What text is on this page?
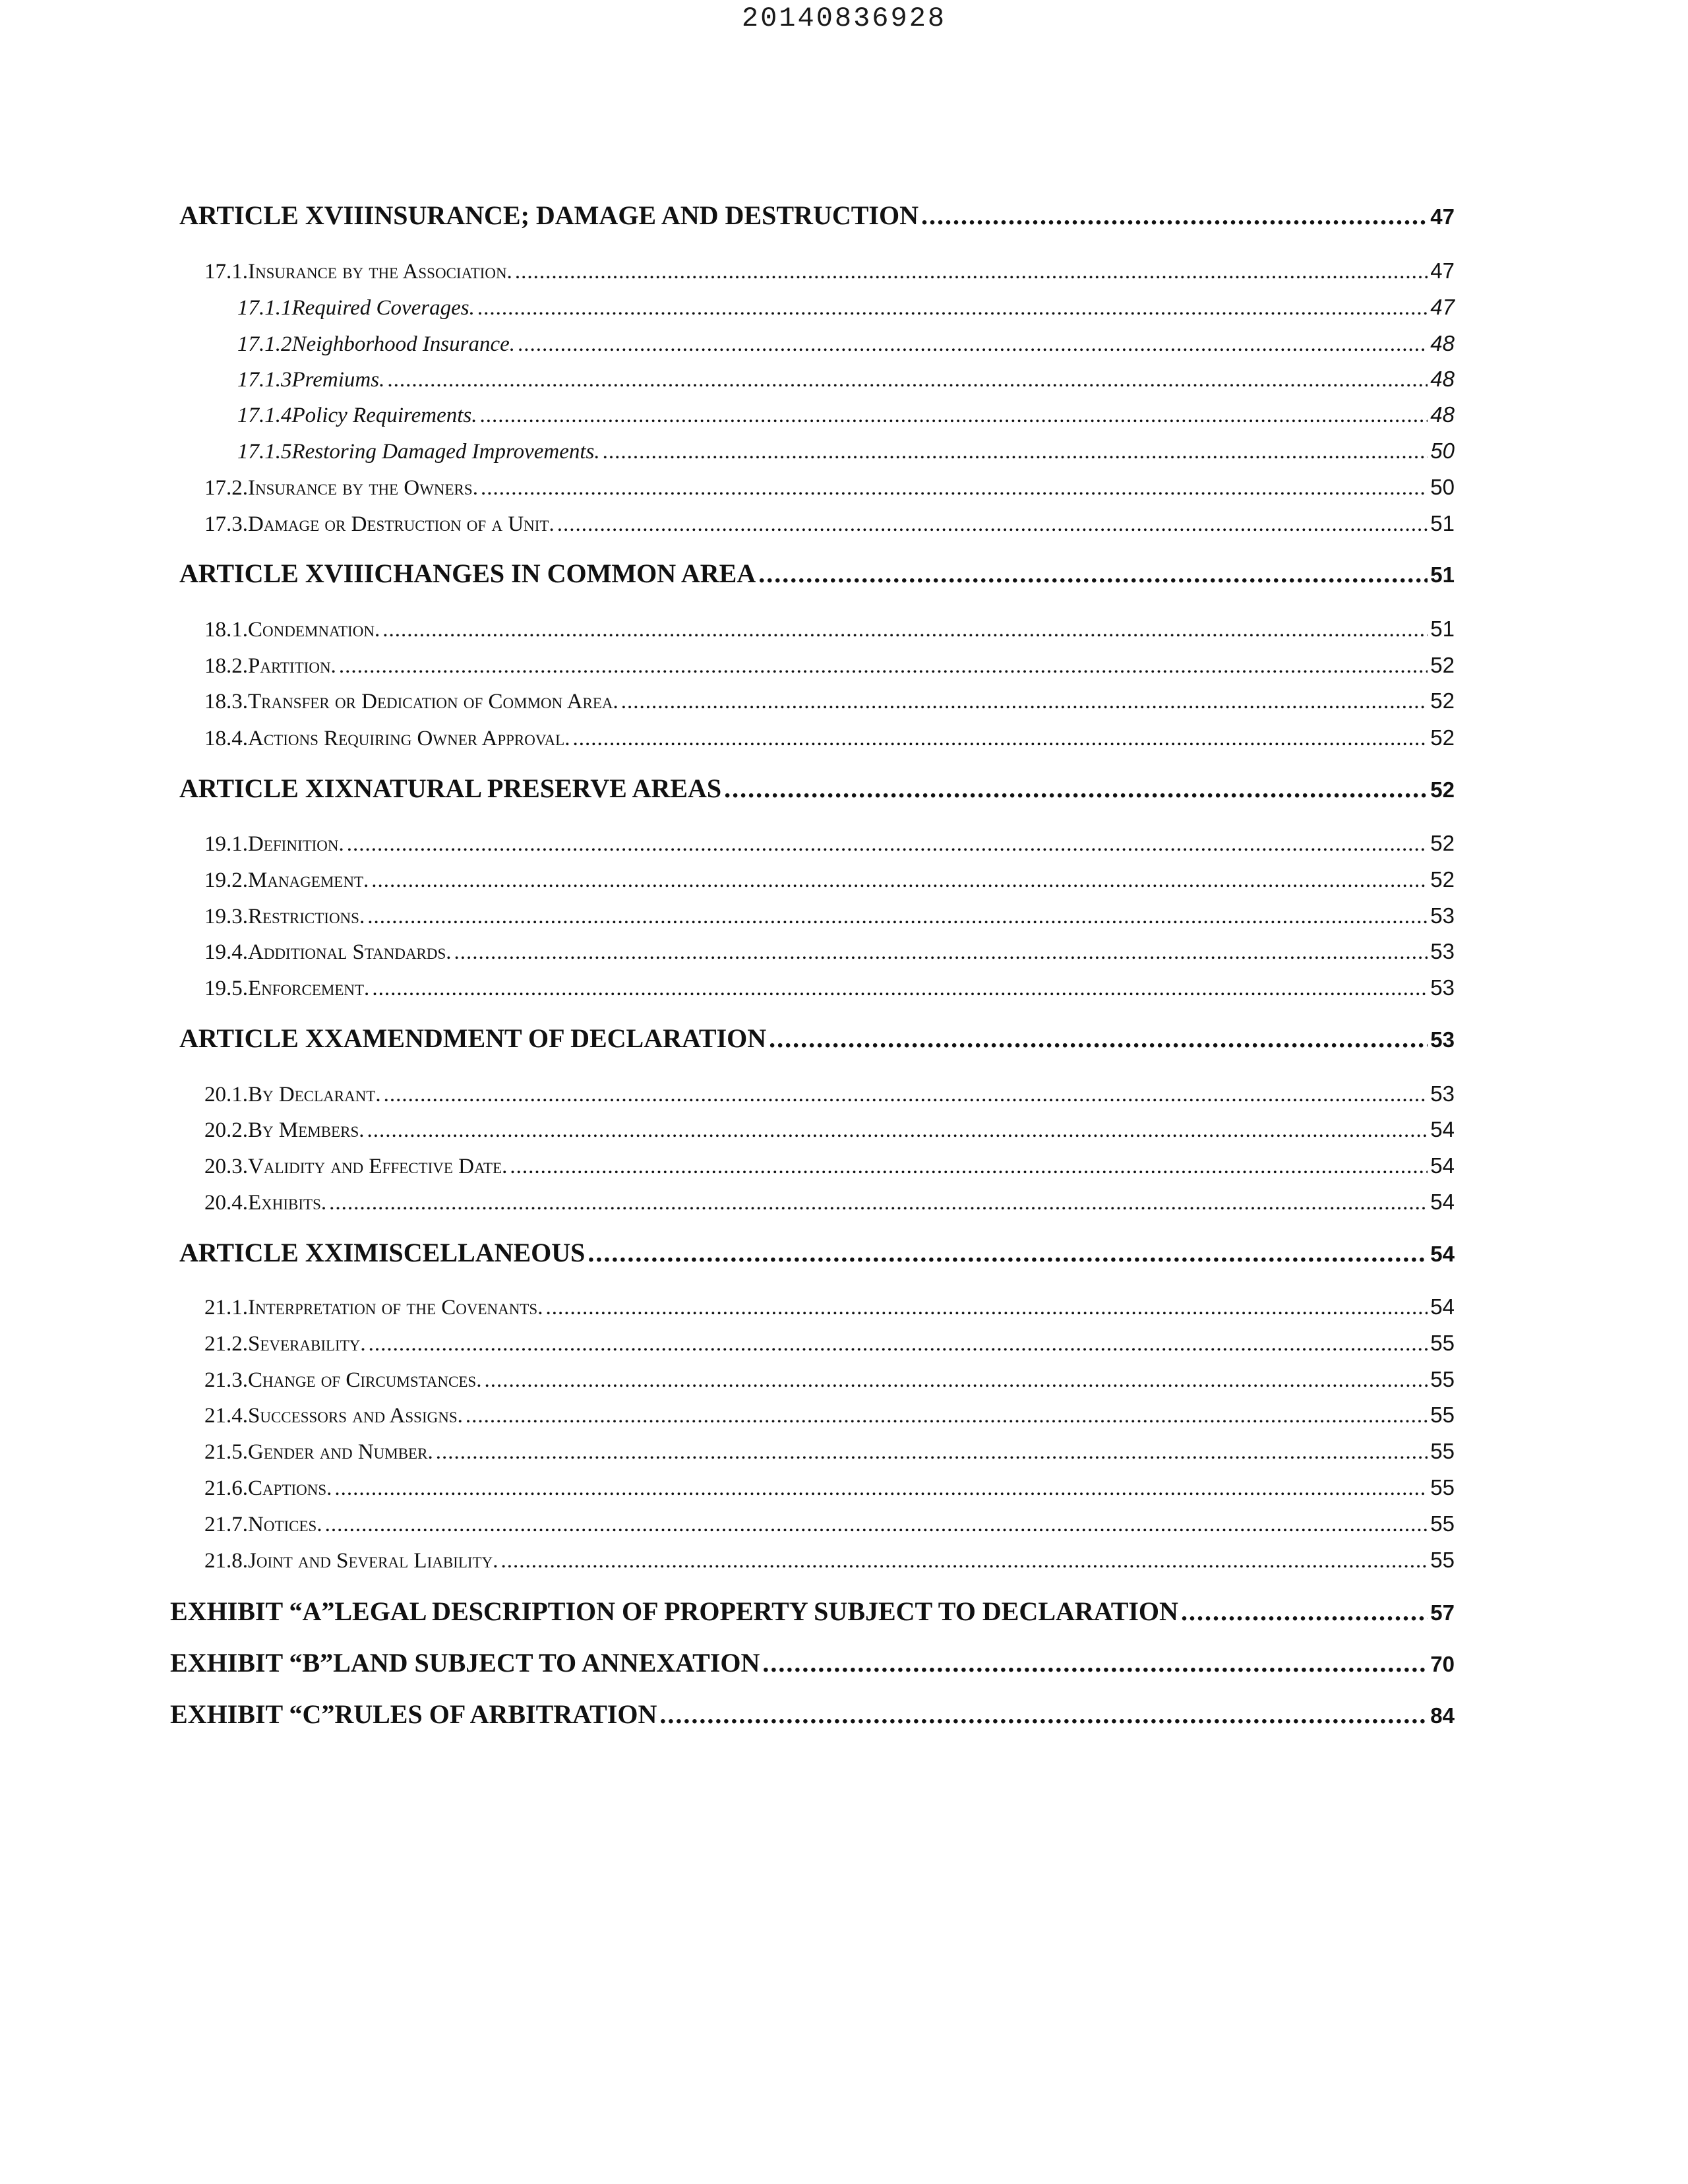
20140836928
ARTICLE XVII INSURANCE; DAMAGE AND DESTRUCTION .....	47
17.1. Insurance by the Association. .....	47
17.1.1 Required Coverages. .....	47
17.1.2 Neighborhood Insurance. .....	48
17.1.3 Premiums. .....	48
17.1.4 Policy Requirements. .....	48
17.1.5 Restoring Damaged Improvements. .....	50
17.2. Insurance by the Owners. .....	50
17.3. Damage or Destruction of a Unit. .....	51
ARTICLE XVIII CHANGES IN COMMON AREA .....	51
18.1. Condemnation. .....	51
18.2. Partition. .....	52
18.3. Transfer or Dedication of Common Area. .....	52
18.4. Actions Requiring Owner Approval. .....	52
ARTICLE XIX NATURAL PRESERVE AREAS .....	52
19.1. Definition. .....	52
19.2. Management. .....	52
19.3. Restrictions. .....	53
19.4. Additional Standards. .....	53
19.5. Enforcement. .....	53
ARTICLE XX AMENDMENT OF DECLARATION .....	53
20.1. By Declarant. .....	53
20.2. By Members. .....	54
20.3. Validity and Effective Date. .....	54
20.4. Exhibits. .....	54
ARTICLE XXI MISCELLANEOUS .....	54
21.1. Interpretation of the Covenants. .....	54
21.2. Severability. .....	55
21.3. Change of Circumstances. .....	55
21.4. Successors and Assigns. .....	55
21.5. Gender and Number. .....	55
21.6. Captions. .....	55
21.7. Notices. .....	55
21.8. Joint and Several Liability. .....	55
EXHIBIT “A” LEGAL DESCRIPTION OF PROPERTY SUBJECT TO DECLARATION .....	57
EXHIBIT “B” LAND SUBJECT TO ANNEXATION .....	70
EXHIBIT “C” RULES OF ARBITRATION .....	84
